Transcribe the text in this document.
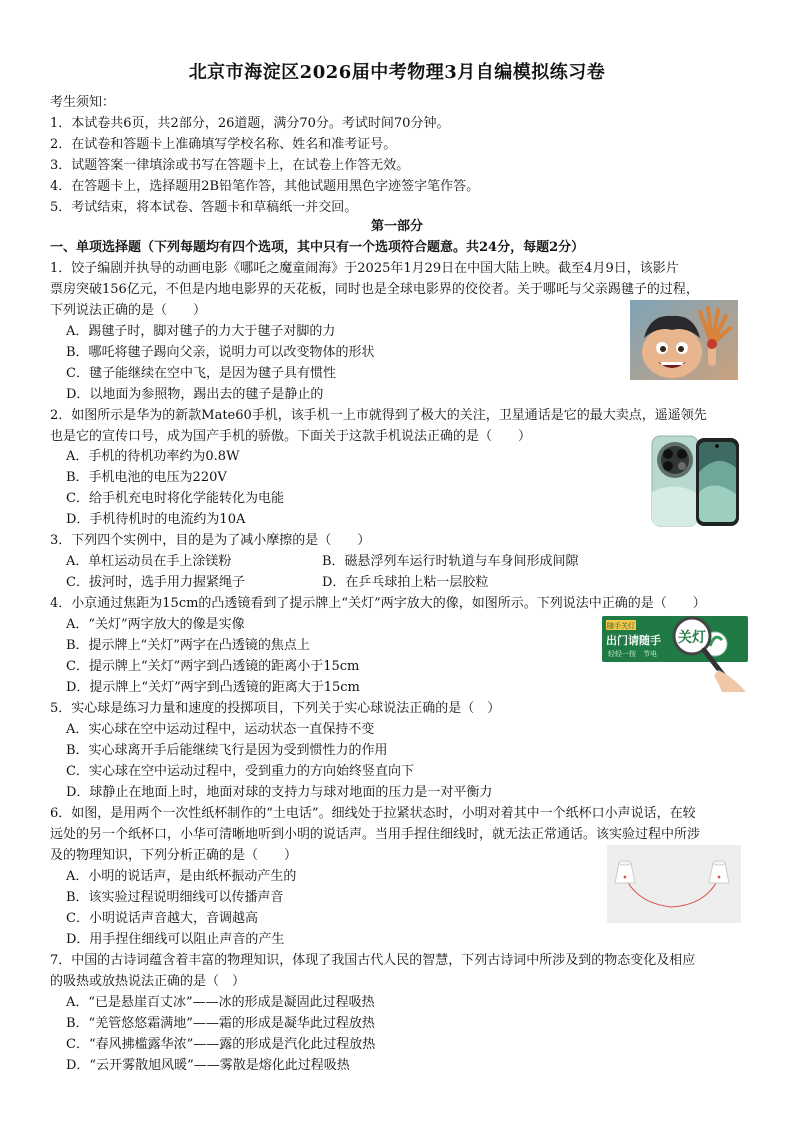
北京市海淀区2026届中考物理3月自编模拟练习卷
考生须知：
1．本试卷共6页，共2部分，26道题，满分70分。考试时间70分钟。
2．在试卷和答题卡上准确填写学校名称、姓名和准考证号。
3．试题答案一律填涂或书写在答题卡上，在试卷上作答无效。
4．在答题卡上，选择题用2B铅笔作答，其他试题用黑色字迹签字笔作答。
5．考试结束，将本试卷、答题卡和草稿纸一并交回。
第一部分
一、单项选择题（下列每题均有四个选项，其中只有一个选项符合题意。共24分，每题2分）
1．饺子编剧并执导的动画电影《哪吒之魔童闹海》于2025年1月29日在中国大陆上映。截至4月9日，该影片
票房突破156亿元，不但是内地电影界的天花板，同时也是全球电影界的佼佼者。关于哪吒与父亲踢毽子的过程，
下列说法正确的是（　　）
A．踢毽子时，脚对毽子的力大于毽子对脚的力
B．哪吒将毽子踢向父亲，说明力可以改变物体的形状
C．毽子能继续在空中飞，是因为毽子具有惯性
D．以地面为参照物，踢出去的毽子是静止的
2．如图所示是华为的新款Mate60手机，该手机一上市就得到了极大的关注，卫星通话是它的最大卖点，遥遥领先
也是它的宣传口号，成为国产手机的骄傲。下面关于这款手机说法正确的是（　　）
A．手机的待机功率约为0.8W
B．手机电池的电压为220V
C．给手机充电时将化学能转化为电能
D．手机待机时的电流约为10A
3．下列四个实例中，目的是为了减小摩擦的是（　　）
A．单杠运动员在手上涂镁粉	B．磁悬浮列车运行时轨道与车身间形成间隙
C．拔河时，选手用力握紧绳子	D．在乒乓球拍上粘一层胶粒
4．小京通过焦距为15cm的凸透镜看到了提示牌上“关灯”两字放大的像，如图所示。下列说法中正确的是（　　）
A．“关灯”两字放大的像是实像
B．提示牌上“关灯”两字在凸透镜的焦点上
C．提示牌上“关灯”两字到凸透镜的距离小于15cm
D．提示牌上“关灯”两字到凸透镜的距离大于15cm
5．实心球是练习力量和速度的投掷项目，下列关于实心球说法正确的是（　）
A．实心球在空中运动过程中，运动状态一直保持不变
B．实心球离开手后能继续飞行是因为受到惯性力的作用
C．实心球在空中运动过程中，受到重力的方向始终竖直向下
D．球静止在地面上时，地面对球的支持力与球对地面的压力是一对平衡力
6．如图，是用两个一次性纸杯制作的“土电话”。细线处于拉紧状态时，小明对着其中一个纸杯口小声说话，在较
远处的另一个纸杯口，小华可清晰地听到小明的说话声。当用手捏住细线时，就无法正常通话。该实验过程中所涉
及的物理知识，下列分析正确的是（　　）
A．小明的说话声，是由纸杯振动产生的
B．该实验过程说明细线可以传播声音
C．小明说话声音越大，音调越高
D．用手捏住细线可以阻止声音的产生
7．中国的古诗词蕴含着丰富的物理知识，体现了我国古代人民的智慧，下列古诗词中所涉及到的物态变化及相应
的吸热或放热说法正确的是（　）
A．“已是悬崖百丈冰”——冰的形成是凝固此过程吸热
B．“羌管悠悠霜满地”——霜的形成是凝华此过程放热
C．“春风拂槛露华浓”——露的形成是汽化此过程放热
D．“云开雾散旭风暖”——雾散是熔化此过程吸热
随手关灯
出门请随手
轻轻一按　节电
关灯
